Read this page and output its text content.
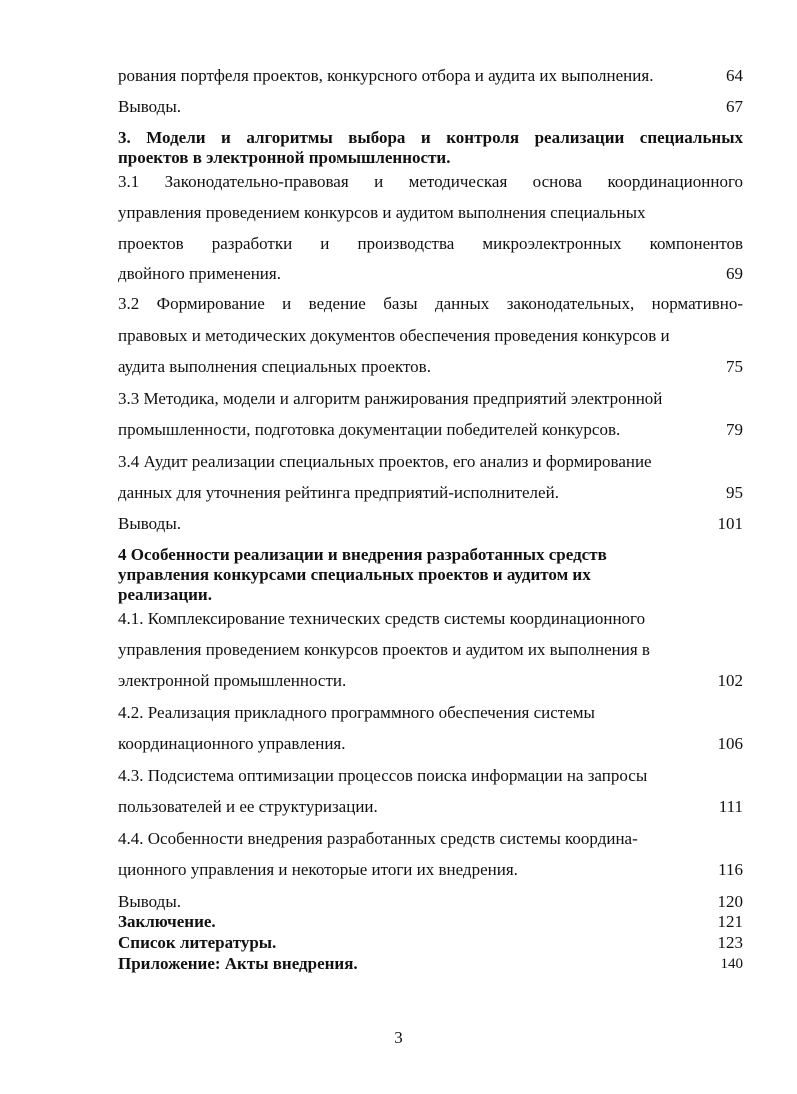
рования портфеля проектов, конкурсного отбора и аудита их выполнения.	64
Выводы.	67
3. Модели и алгоритмы выбора и контроля реализации специальных
проектов в электронной промышленности.
3.1 Законодательно-правовая и методическая основа координационного
управления проведением конкурсов и аудитом выполнения специальных
проектов разработки и производства микроэлектронных компонентов
двойного применения.	69
3.2 Формирование и ведение базы данных законодательных, нормативно-
правовых и методических документов обеспечения проведения конкурсов и
аудита выполнения специальных проектов.	75
3.3 Методика, модели и алгоритм ранжирования предприятий электронной
промышленности, подготовка документации победителей конкурсов.	79
3.4 Аудит реализации специальных проектов, его анализ и формирование
данных для уточнения рейтинга предприятий-исполнителей.	95
Выводы.	101
4 Особенности реализации и внедрения разработанных средств
управления конкурсами специальных проектов и аудитом их
реализации.
4.1. Комплексирование технических средств системы координационного
управления проведением конкурсов проектов и аудитом их выполнения в
электронной промышленности.	102
4.2. Реализация прикладного программного обеспечения системы
координационного управления.	106
4.3. Подсистема оптимизации процессов поиска информации на запросы
пользователей и ее структуризации.	111
4.4. Особенности внедрения разработанных средств системы координа-
ционного управления и некоторые итоги их внедрения.	116
Выводы.	120
Заключение.	121
Список литературы.	123
Приложение: Акты внедрения.	140
3
